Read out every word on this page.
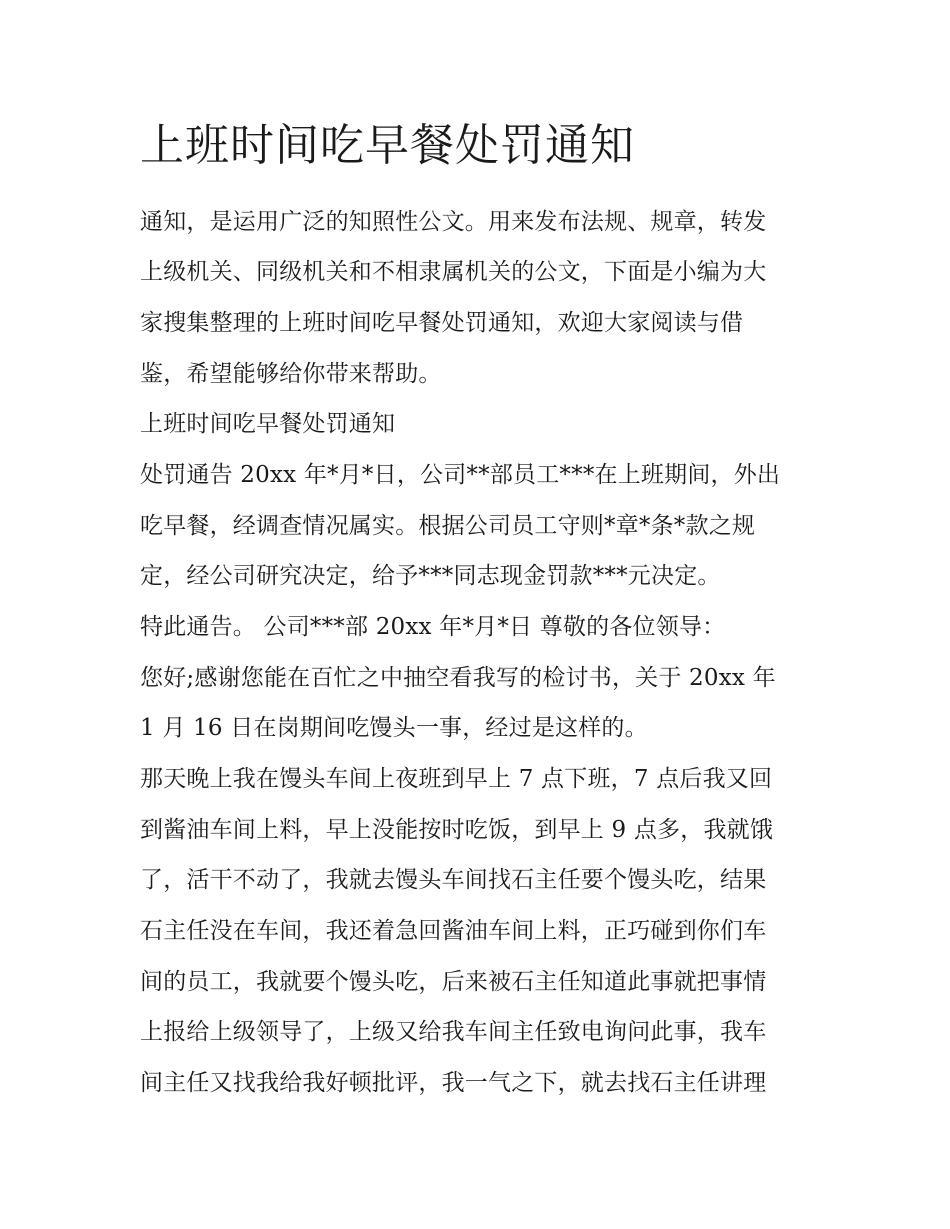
上班时间吃早餐处罚通知

通知，是运用广泛的知照性公文。用来发布法规、规章，转发

上级机关、同级机关和不相隶属机关的公文，下面是小编为大

家搜集整理的上班时间吃早餐处罚通知，欢迎大家阅读与借

鉴，希望能够给你带来帮助。

上班时间吃早餐处罚通知

处罚通告 20xx 年*月*日，公司**部员工***在上班期间，外出

吃早餐，经调查情况属实。根据公司员工守则*章*条*款之规

定，经公司研究决定，给予***同志现金罚款***元决定。

特此通告。 公司***部 20xx 年*月*日 尊敬的各位领导：

您好;感谢您能在百忙之中抽空看我写的检讨书，关于 20xx 年

1 月 16 日在岗期间吃馒头一事，经过是这样的。

那天晚上我在馒头车间上夜班到早上 7 点下班，7 点后我又回

到酱油车间上料，早上没能按时吃饭，到早上 9 点多，我就饿

了，活干不动了，我就去馒头车间找石主任要个馒头吃，结果

石主任没在车间，我还着急回酱油车间上料，正巧碰到你们车

间的员工，我就要个馒头吃，后来被石主任知道此事就把事情

上报给上级领导了，上级又给我车间主任致电询问此事，我车

间主任又找我给我好顿批评，我一气之下，就去找石主任讲理
